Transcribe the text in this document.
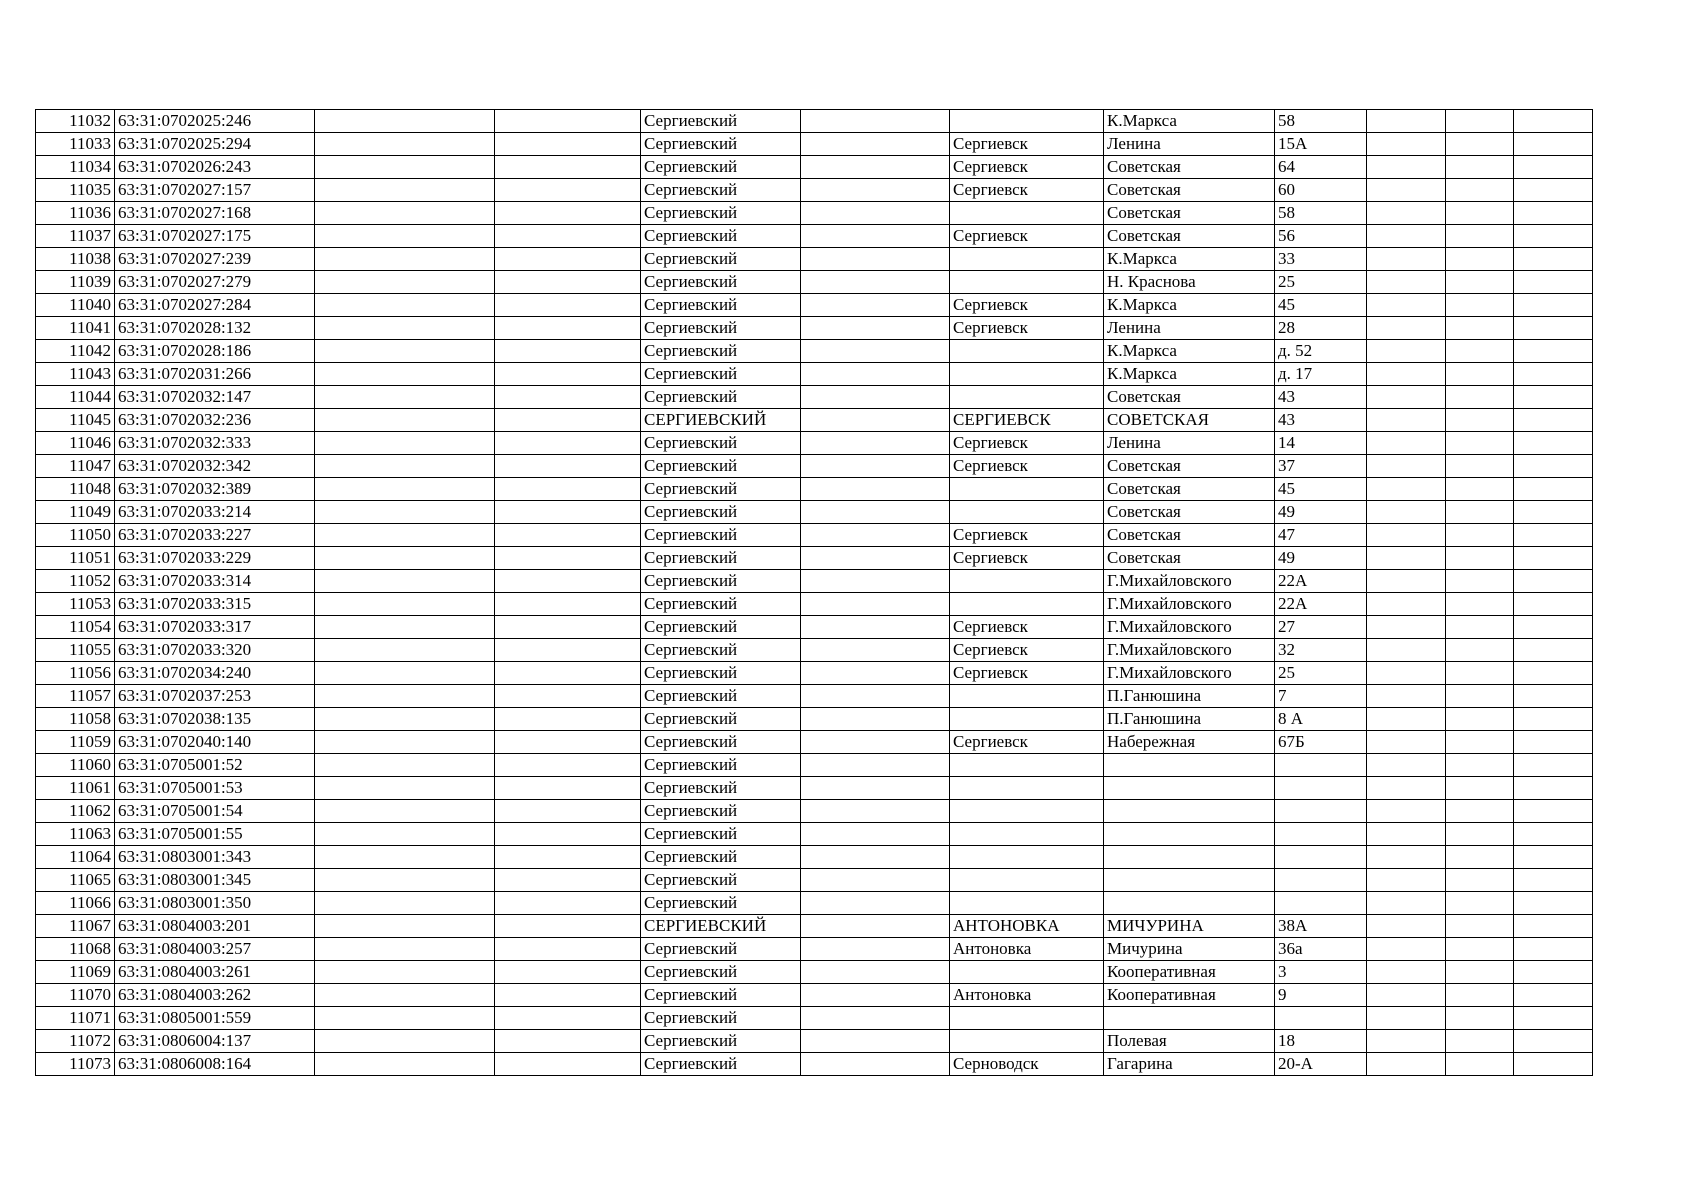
11032	63:31:0702025:246			Сергиевский			К.Маркса	58			
11033	63:31:0702025:294			Сергиевский		Сергиевск	Ленина	15А			
11034	63:31:0702026:243			Сергиевский		Сергиевск	Советская	64			
11035	63:31:0702027:157			Сергиевский		Сергиевск	Советская	60			
11036	63:31:0702027:168			Сергиевский			Советская	58			
11037	63:31:0702027:175			Сергиевский		Сергиевск	Советская	56			
11038	63:31:0702027:239			Сергиевский			К.Маркса	33			
11039	63:31:0702027:279			Сергиевский			Н. Краснова	25			
11040	63:31:0702027:284			Сергиевский		Сергиевск	К.Маркса	45			
11041	63:31:0702028:132			Сергиевский		Сергиевск	Ленина	28			
11042	63:31:0702028:186			Сергиевский			К.Маркса	д. 52			
11043	63:31:0702031:266			Сергиевский			К.Маркса	д. 17			
11044	63:31:0702032:147			Сергиевский			Советская	43			
11045	63:31:0702032:236			СЕРГИЕВСКИЙ		СЕРГИЕВСК	СОВЕТСКАЯ	43			
11046	63:31:0702032:333			Сергиевский		Сергиевск	Ленина	14			
11047	63:31:0702032:342			Сергиевский		Сергиевск	Советская	37			
11048	63:31:0702032:389			Сергиевский			Советская	45			
11049	63:31:0702033:214			Сергиевский			Советская	49			
11050	63:31:0702033:227			Сергиевский		Сергиевск	Советская	47			
11051	63:31:0702033:229			Сергиевский		Сергиевск	Советская	49			
11052	63:31:0702033:314			Сергиевский			Г.Михайловского	22А			
11053	63:31:0702033:315			Сергиевский			Г.Михайловского	22А			
11054	63:31:0702033:317			Сергиевский		Сергиевск	Г.Михайловского	27			
11055	63:31:0702033:320			Сергиевский		Сергиевск	Г.Михайловского	32			
11056	63:31:0702034:240			Сергиевский		Сергиевск	Г.Михайловского	25			
11057	63:31:0702037:253			Сергиевский			П.Ганюшина	7			
11058	63:31:0702038:135			Сергиевский			П.Ганюшина	8 А			
11059	63:31:0702040:140			Сергиевский		Сергиевск	Набережная	67Б			
11060	63:31:0705001:52			Сергиевский							
11061	63:31:0705001:53			Сергиевский							
11062	63:31:0705001:54			Сергиевский							
11063	63:31:0705001:55			Сергиевский							
11064	63:31:0803001:343			Сергиевский							
11065	63:31:0803001:345			Сергиевский							
11066	63:31:0803001:350			Сергиевский							
11067	63:31:0804003:201			СЕРГИЕВСКИЙ		АНТОНОВКА	МИЧУРИНА	38А			
11068	63:31:0804003:257			Сергиевский		Антоновка	Мичурина	36а			
11069	63:31:0804003:261			Сергиевский			Кооперативная	3			
11070	63:31:0804003:262			Сергиевский		Антоновка	Кооперативная	9			
11071	63:31:0805001:559			Сергиевский							
11072	63:31:0806004:137			Сергиевский			Полевая	18			
11073	63:31:0806008:164			Сергиевский		Серноводск	Гагарина	20-А			
